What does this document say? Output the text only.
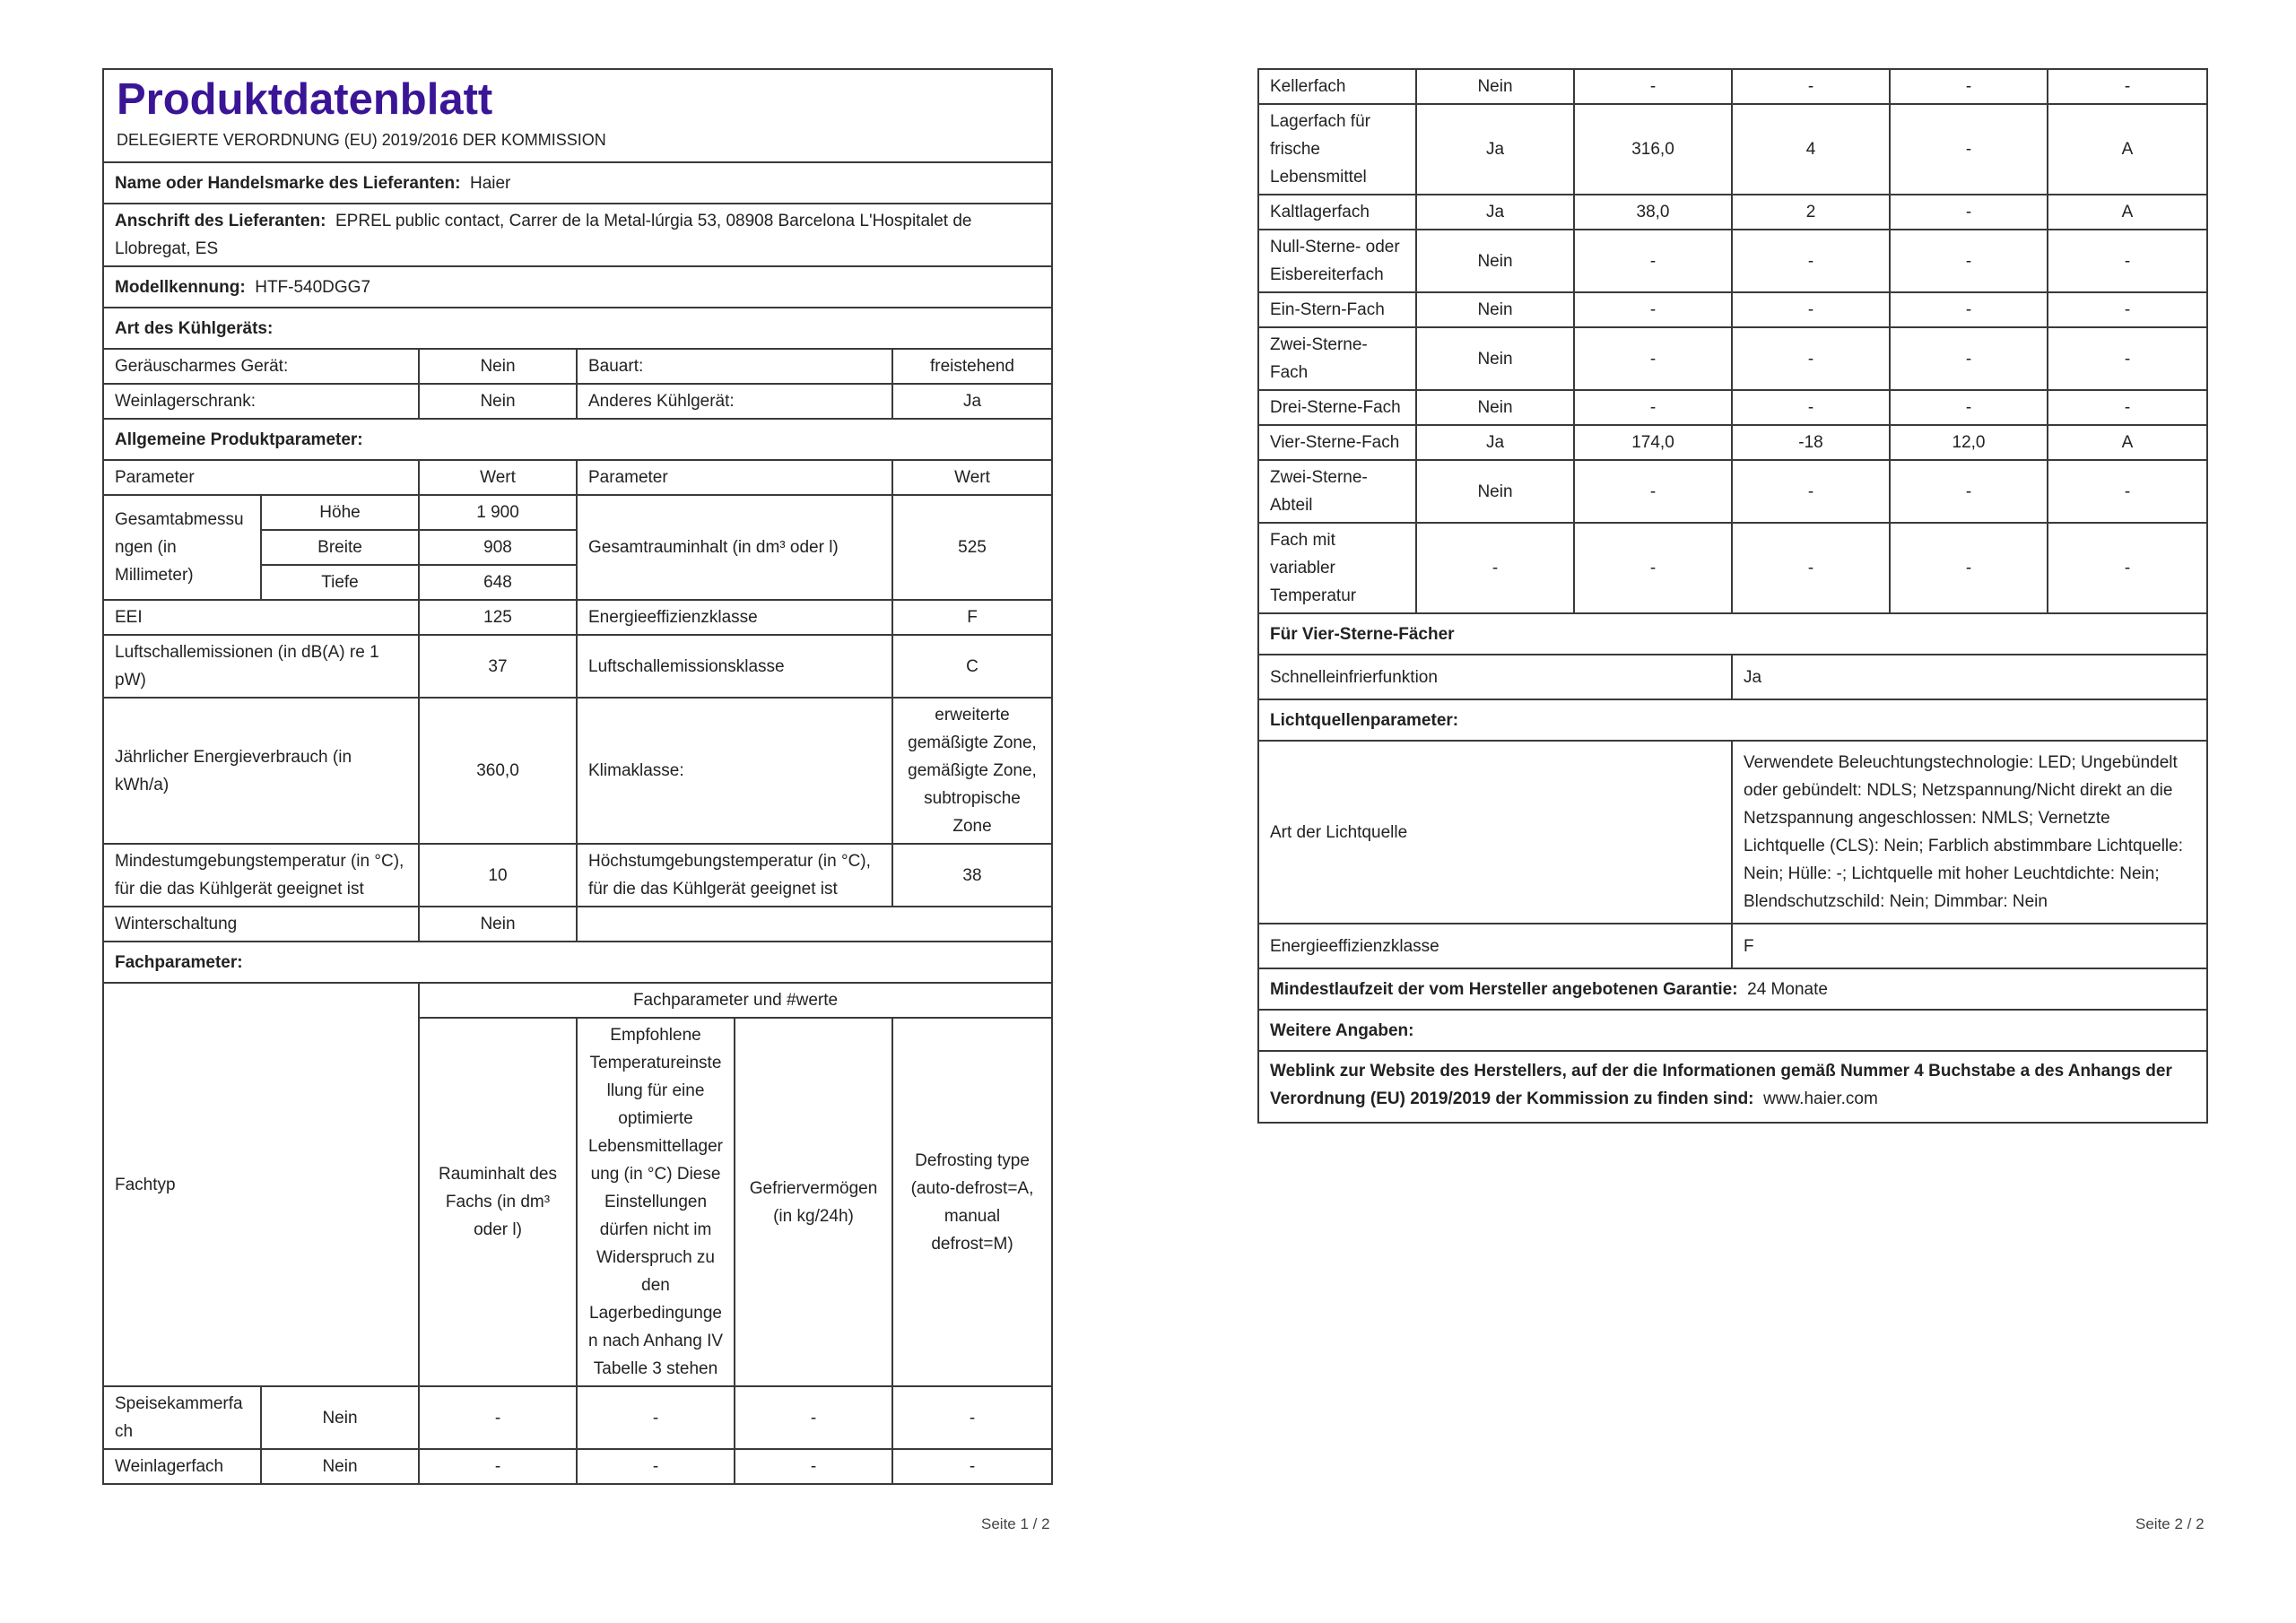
Produktdatenblatt
DELEGIERTE VERORDNUNG (EU) 2019/2016 DER KOMMISSION					

Name oder Handelsmarke des Lieferanten: Haier					
Anschrift des Lieferanten: EPREL public contact, Carrer de la Metal-lúrgia 53, 08908 Barcelona L'Hospitalet de Llobregat, ES					
Modellkennung: HTF-540DGG7					
Art des Kühlgeräts:					
Geräuscharmes Gerät:		Nein	Bauart:		freistehend
Weinlagerschrank:		Nein	Anderes Kühlgerät:		Ja
Allgemeine Produktparameter:					
Parameter		Wert	Parameter		Wert
Gesamtabmessungen (in Millimeter)	Höhe	1 900	Gesamtrauminhalt (in dm³ oder l)		525
	Breite	908			
	Tiefe	648			
EEI		125	Energieeffizienzklasse		F
Luftschallemissionen (in dB(A) re 1 pW)		37	Luftschallemissionsklasse		C
Jährlicher Energieverbrauch (in kWh/a)		360,0	Klimaklasse:		erweiterte gemäßigte Zone, gemäßigte Zone, subtropische Zone
Mindestumgebungstemperatur (in °C), für die das Kühlgerät geeignet ist		10	Höchstumgebungstemperatur (in °C), für die das Kühlgerät geeignet ist		38
Winterschaltung		Nein			
Fachparameter:					
Fachtyp		Fachparameter und #werte			
		Rauminhalt des Fachs (in dm³ oder l)	Empfohlene Temperatureinstellung für eine optimierte Lebensmittellagerung (in °C) Diese Einstellungen dürfen nicht im Widerspruch zu den Lagerbedingungen nach Anhang IV Tabelle 3 stehen	Gefriervermögen (in kg/24h)	Defrosting type (auto-defrost=A, manual defrost=M)
Speisekammerfach	Nein	-	-	-	-
Weinlagerfach	Nein	-	-	-	-
Seite 1 / 2
Kellerfach	Nein	-	-	-	-
Lagerfach für frische Lebensmittel	Ja	316,0	4	-	A
Kaltlagerfach	Ja	38,0	2	-	A
Null-Sterne- oder Eisbereiterfach	Nein	-	-	-	-
Ein-Stern-Fach	Nein	-	-	-	-
Zwei-Sterne-Fach	Nein	-	-	-	-
Drei-Sterne-Fach	Nein	-	-	-	-
Vier-Sterne-Fach	Ja	174,0	-18	12,0	A
Zwei-Sterne-Abteil	Nein	-	-	-	-
Fach mit variabler Temperatur	-	-	-	-	-
Für Vier-Sterne-Fächer					
Schnelleinfrierfunktion			Ja		
Lichtquellenparameter:					
Art der Lichtquelle			Verwendete Beleuchtungstechnologie: LED; Ungebündelt oder gebündelt: NDLS; Netzspannung/Nicht direkt an die Netzspannung angeschlossen: NMLS; Vernetzte Lichtquelle (CLS): Nein; Farblich abstimmbare Lichtquelle: Nein; Hülle: -; Lichtquelle mit hoher Leuchtdichte: Nein; Blendschutzschild: Nein; Dimmbar: Nein		
Energieeffizienzklasse			F		
Mindestlaufzeit der vom Hersteller angebotenen Garantie: 24 Monate					
Weitere Angaben:					
Weblink zur Website des Herstellers, auf der die Informationen gemäß Nummer 4 Buchstabe a des Anhangs der Verordnung (EU) 2019/2019 der Kommission zu finden sind: www.haier.com					
Seite 2 / 2
